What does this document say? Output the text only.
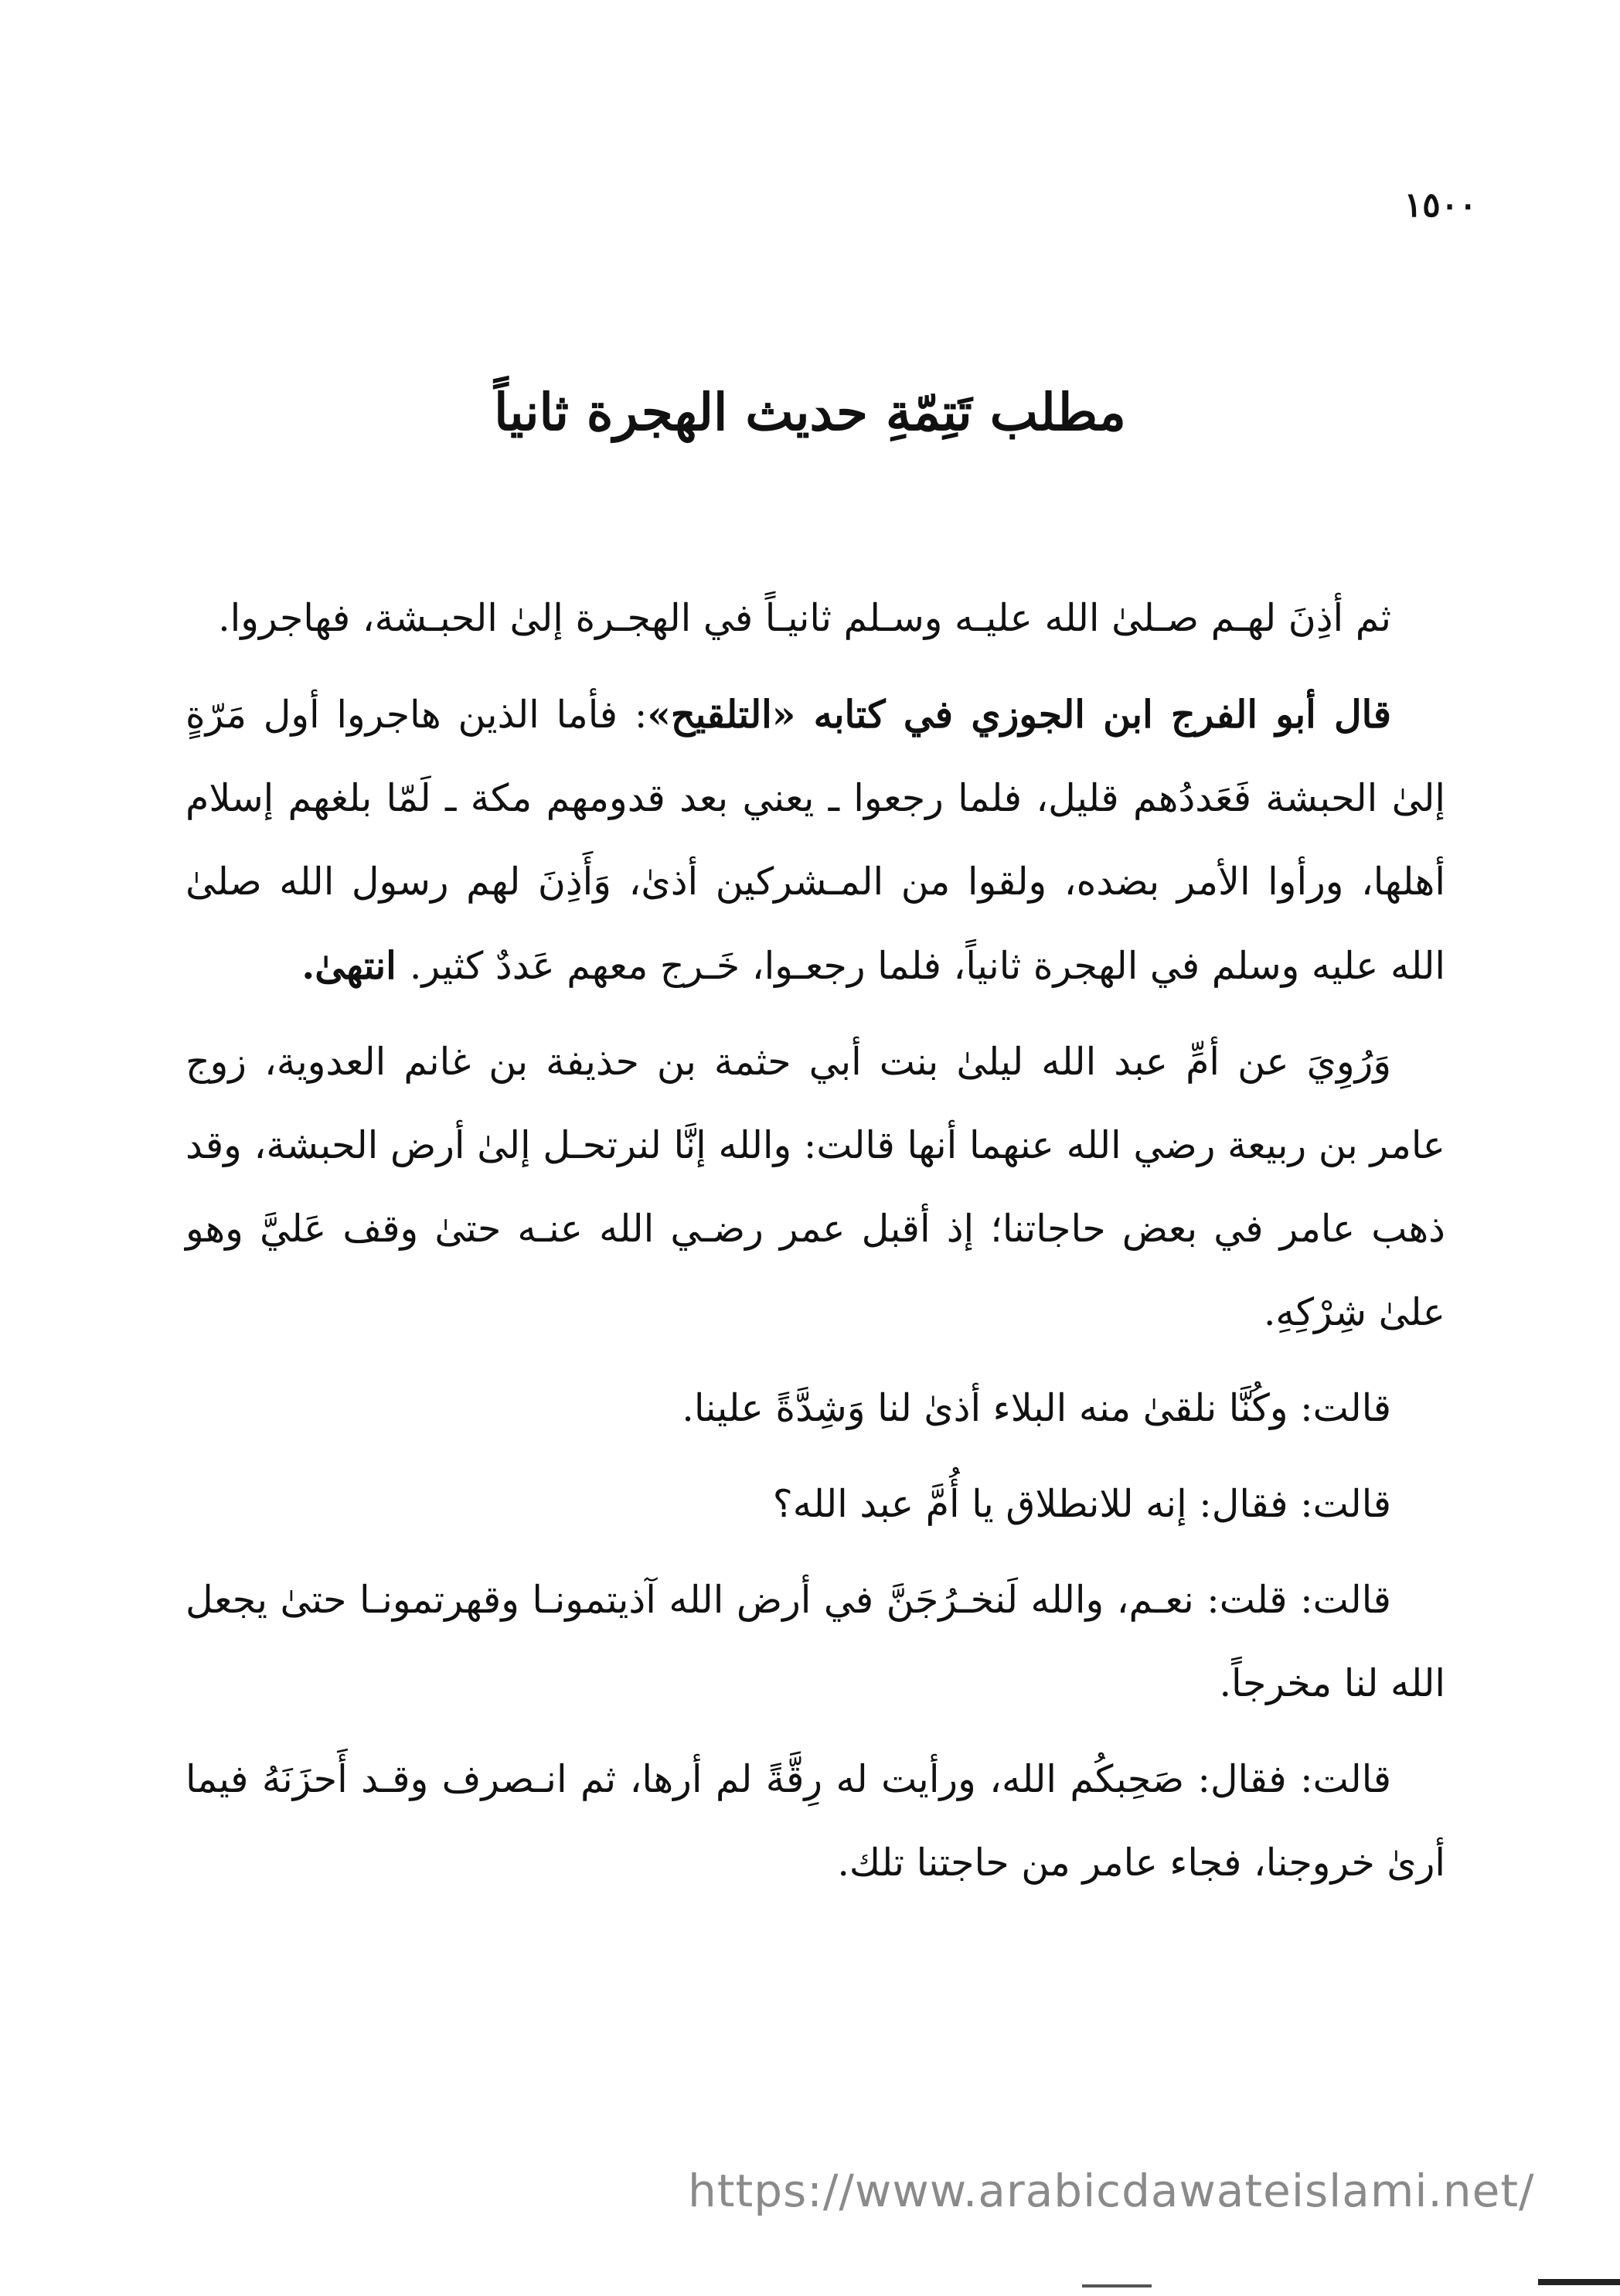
١٥٠٠
مطلب تَتِمّةِ حديث الهجرة ثانياً

ثم أذِنَ لهـم صـلىٰ الله عليـه وسـلم ثانيـاً في الهجـرة إلىٰ الحبـشة، فهاجروا.

قال أبو الفرج ابن الجوزي في كتابه «التلقيح»: فأما الذين هاجروا أول مَرّةٍ إلىٰ الحبشة فَعَددُهم قليل، فلما رجعوا ـ يعني بعد قدومهم مكة ـ لَمّا بلغهم إسلام أهلها، ورأوا الأمر بضده، ولقوا من المـشركين أذىٰ، وَأَذِنَ لهم رسول الله صلىٰ الله عليه وسلم في الهجرة ثانياً، فلما رجعـوا، خَـرج معهم عَددٌ كثير. انتهىٰ.

وَرُوِيَ عن أمِّ عبد الله ليلىٰ بنت أبي حثمة بن حذيفة بن غانم العدوية، زوج عامر بن ربيعة رضي الله عنهما أنها قالت: والله إنَّا لنرتحـل إلىٰ أرض الحبشة، وقد ذهب عامر في بعض حاجاتنا؛ إذ أقبل عمر رضـي الله عنـه حتىٰ وقف عَليَّ وهو علىٰ شِرْكِهِ.

قالت: وكُنَّا نلقىٰ منه البلاء أذىٰ لنا وَشِدَّةً علينا.

قالت: فقال: إنه للانطلاق يا أُمَّ عبد الله؟

قالت: قلت: نعـم، والله لَنخـرُجَنَّ في أرض الله آذيتمونـا وقهرتمونـا حتىٰ يجعل الله لنا مخرجاً.

قالت: فقال: صَحِبكُم الله، ورأيت له رِقَّةً لم أرها، ثم انـصرف وقـد أَحزَنَهُ فيما أرىٰ خروجنا، فجاء عامر من حاجتنا تلك.

https://www.arabicdawateislami.net/
